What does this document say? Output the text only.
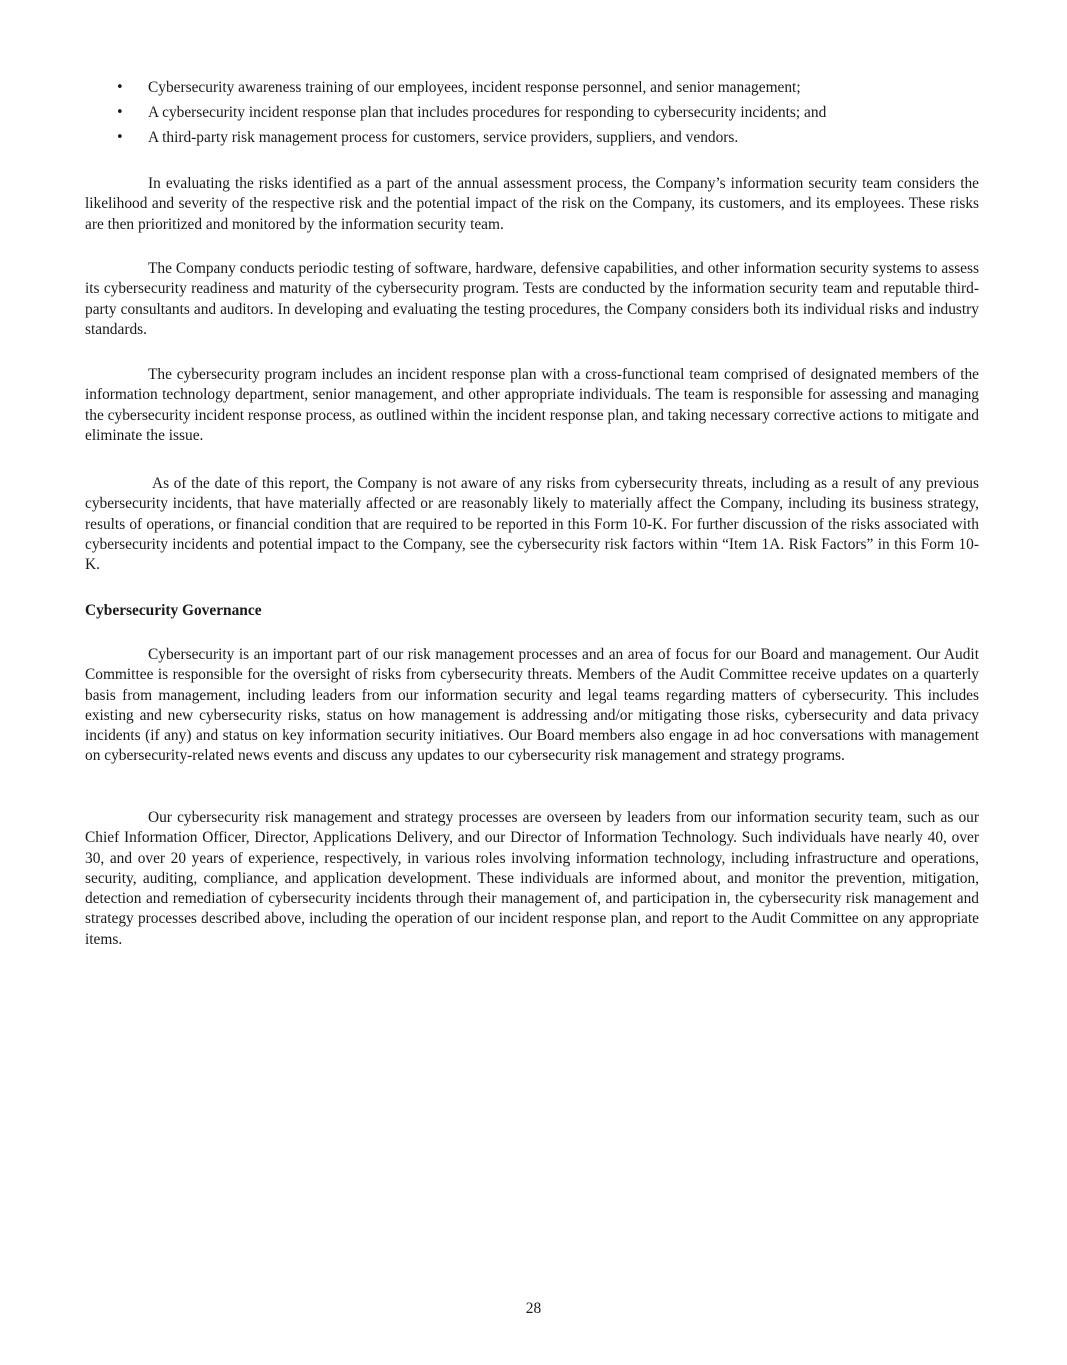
• Cybersecurity awareness training of our employees, incident response personnel, and senior management;
• A cybersecurity incident response plan that includes procedures for responding to cybersecurity incidents; and
• A third-party risk management process for customers, service providers, suppliers, and vendors.

In evaluating the risks identified as a part of the annual assessment process, the Company’s information security team considers the likelihood and severity of the respective risk and the potential impact of the risk on the Company, its customers, and its employees. These risks are then prioritized and monitored by the information security team.

The Company conducts periodic testing of software, hardware, defensive capabilities, and other information security systems to assess its cybersecurity readiness and maturity of the cybersecurity program. Tests are conducted by the information security team and reputable third-party consultants and auditors. In developing and evaluating the testing procedures, the Company considers both its individual risks and industry standards.

The cybersecurity program includes an incident response plan with a cross-functional team comprised of designated members of the information technology department, senior management, and other appropriate individuals. The team is responsible for assessing and managing the cybersecurity incident response process, as outlined within the incident response plan, and taking necessary corrective actions to mitigate and eliminate the issue.

As of the date of this report, the Company is not aware of any risks from cybersecurity threats, including as a result of any previous cybersecurity incidents, that have materially affected or are reasonably likely to materially affect the Company, including its business strategy, results of operations, or financial condition that are required to be reported in this Form 10-K. For further discussion of the risks associated with cybersecurity incidents and potential impact to the Company, see the cybersecurity risk factors within “Item 1A. Risk Factors” in this Form 10-K.

Cybersecurity Governance

Cybersecurity is an important part of our risk management processes and an area of focus for our Board and management. Our Audit Committee is responsible for the oversight of risks from cybersecurity threats. Members of the Audit Committee receive updates on a quarterly basis from management, including leaders from our information security and legal teams regarding matters of cybersecurity. This includes existing and new cybersecurity risks, status on how management is addressing and/or mitigating those risks, cybersecurity and data privacy incidents (if any) and status on key information security initiatives. Our Board members also engage in ad hoc conversations with management on cybersecurity-related news events and discuss any updates to our cybersecurity risk management and strategy programs.

Our cybersecurity risk management and strategy processes are overseen by leaders from our information security team, such as our Chief Information Officer, Director, Applications Delivery, and our Director of Information Technology. Such individuals have nearly 40, over 30, and over 20 years of experience, respectively, in various roles involving information technology, including infrastructure and operations, security, auditing, compliance, and application development. These individuals are informed about, and monitor the prevention, mitigation, detection and remediation of cybersecurity incidents through their management of, and participation in, the cybersecurity risk management and strategy processes described above, including the operation of our incident response plan, and report to the Audit Committee on any appropriate items.

28
